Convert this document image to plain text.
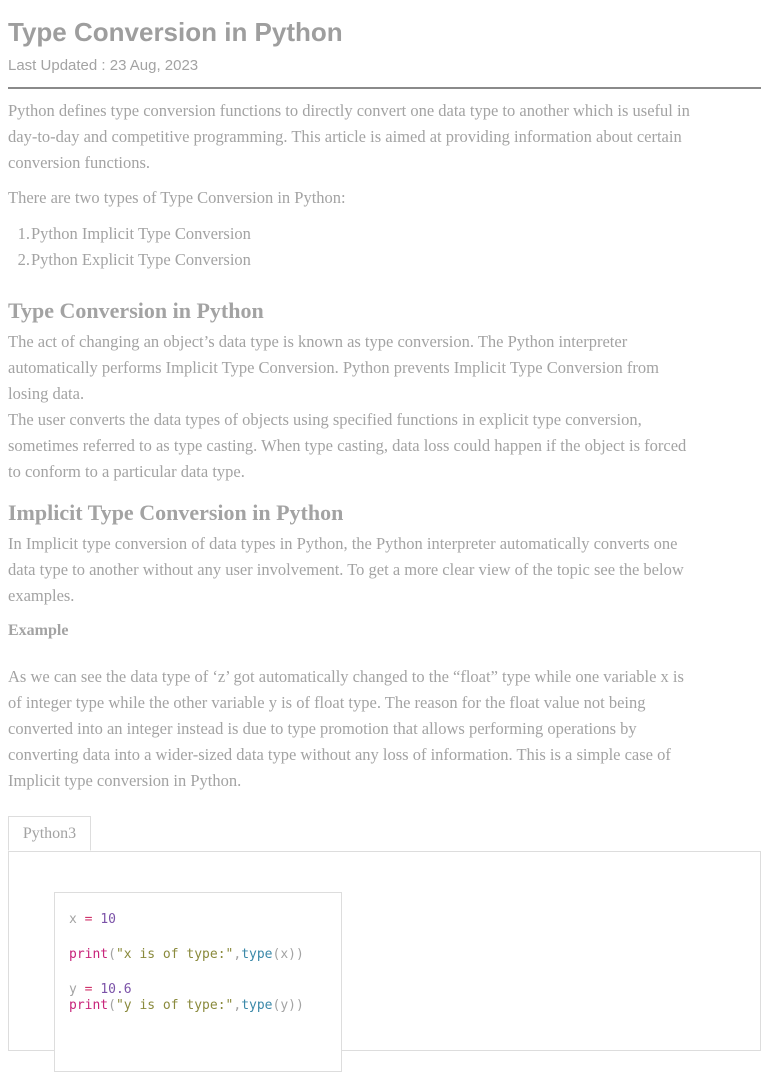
Type Conversion in Python
Last Updated : 23 Aug, 2023

Python defines type conversion functions to directly convert one data type to another which is useful in
day-to-day and competitive programming. This article is aimed at providing information about certain
conversion functions.

There are two types of Type Conversion in Python:

1. Python Implicit Type Conversion
2. Python Explicit Type Conversion
Type Conversion in Python

The act of changing an object’s data type is known as type conversion. The Python interpreter
automatically performs Implicit Type Conversion. Python prevents Implicit Type Conversion from
losing data.
The user converts the data types of objects using specified functions in explicit type conversion,
sometimes referred to as type casting. When type casting, data loss could happen if the object is forced
to conform to a particular data type.

Implicit Type Conversion in Python

In Implicit type conversion of data types in Python, the Python interpreter automatically converts one
data type to another without any user involvement. To get a more clear view of the topic see the below
examples.

Example

As we can see the data type of ‘z’ got automatically changed to the “float” type while one variable x is
of integer type while the other variable y is of float type. The reason for the float value not being
converted into an integer instead is due to type promotion that allows performing operations by
converting data into a wider-sized data type without any loss of information. This is a simple case of
Implicit type conversion in Python.

Python3
x = 10
print("x is of type:",type(x))
y = 10.6
print("y is of type:",type(y))
